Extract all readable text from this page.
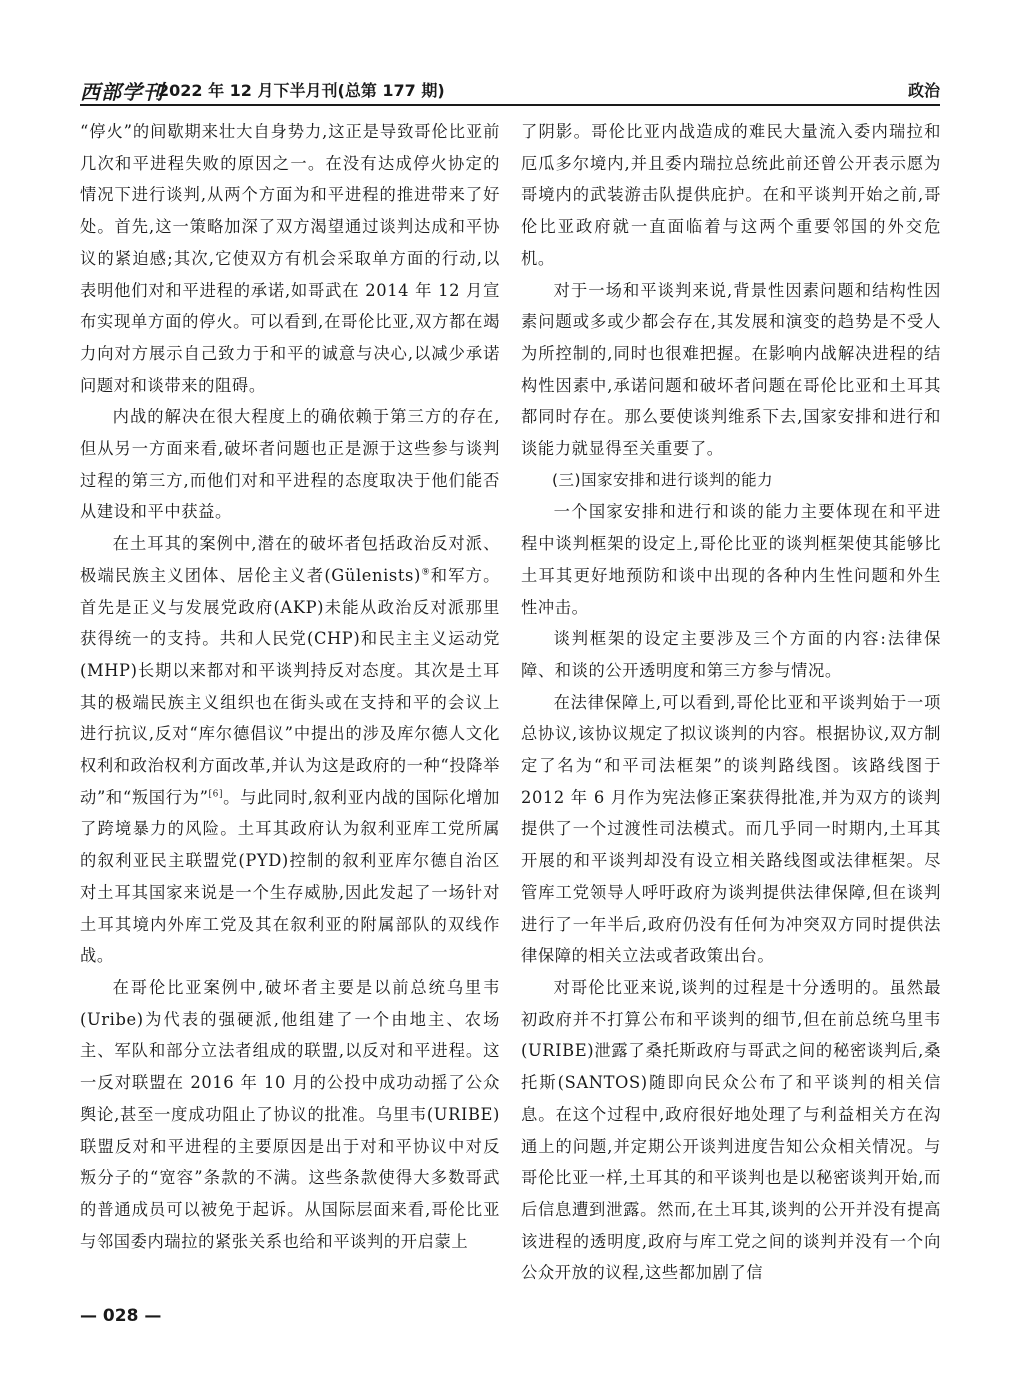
西部学刊
2022 年 12 月下半月刊(总第 177 期)	政治

“停火”的间歇期来壮大自身势力,这正是导致哥伦比亚前几次和平进程失败的原因之一。在没有达成停火协定的情况下进行谈判,从两个方面为和平进程的推进带来了好处。首先,这一策略加深了双方渴望通过谈判达成和平协议的紧迫感;其次,它使双方有机会采取单方面的行动,以表明他们对和平进程的承诺,如哥武在 2014 年 12 月宣布实现单方面的停火。可以看到,在哥伦比亚,双方都在竭力向对方展示自己致力于和平的诚意与决心,以减少承诺问题对和谈带来的阻碍。

内战的解决在很大程度上的确依赖于第三方的存在,但从另一方面来看,破坏者问题也正是源于这些参与谈判过程的第三方,而他们对和平进程的态度取决于他们能否从建设和平中获益。

在土耳其的案例中,潜在的破坏者包括政治反对派、极端民族主义团体、居伦主义者(Gülenists)⑨和军方。首先是正义与发展党政府(AKP)未能从政治反对派那里获得统一的支持。共和人民党(CHP)和民主主义运动党(MHP)长期以来都对和平谈判持反对态度。其次是土耳其的极端民族主义组织也在街头或在支持和平的会议上进行抗议,反对“库尔德倡议”中提出的涉及库尔德人文化权利和政治权利方面改革,并认为这是政府的一种“投降举动”和“叛国行为”[6]。与此同时,叙利亚内战的国际化增加了跨境暴力的风险。土耳其政府认为叙利亚库工党所属的叙利亚民主联盟党(PYD)控制的叙利亚库尔德自治区对土耳其国家来说是一个生存威胁,因此发起了一场针对土耳其境内外库工党及其在叙利亚的附属部队的双线作战。

在哥伦比亚案例中,破坏者主要是以前总统乌里韦(Uribe)为代表的强硬派,他组建了一个由地主、农场主、军队和部分立法者组成的联盟,以反对和平进程。这一反对联盟在 2016 年 10 月的公投中成功动摇了公众舆论,甚至一度成功阻止了协议的批准。乌里韦(URIBE)联盟反对和平进程的主要原因是出于对和平协议中对反叛分子的“宽容”条款的不满。这些条款使得大多数哥武的普通成员可以被免于起诉。从国际层面来看,哥伦比亚与邻国委内瑞拉的紧张关系也给和平谈判的开启蒙上

了阴影。哥伦比亚内战造成的难民大量流入委内瑞拉和厄瓜多尔境内,并且委内瑞拉总统此前还曾公开表示愿为哥境内的武装游击队提供庇护。在和平谈判开始之前,哥伦比亚政府就一直面临着与这两个重要邻国的外交危机。

对于一场和平谈判来说,背景性因素问题和结构性因素问题或多或少都会存在,其发展和演变的趋势是不受人为所控制的,同时也很难把握。在影响内战解决进程的结构性因素中,承诺问题和破坏者问题在哥伦比亚和土耳其都同时存在。那么要使谈判维系下去,国家安排和进行和谈能力就显得至关重要了。

(三)国家安排和进行谈判的能力

一个国家安排和进行和谈的能力主要体现在和平进程中谈判框架的设定上,哥伦比亚的谈判框架使其能够比土耳其更好地预防和谈中出现的各种内生性问题和外生性冲击。

谈判框架的设定主要涉及三个方面的内容:法律保障、和谈的公开透明度和第三方参与情况。

在法律保障上,可以看到,哥伦比亚和平谈判始于一项总协议,该协议规定了拟议谈判的内容。根据协议,双方制定了名为“和平司法框架”的谈判路线图。该路线图于 2012 年 6 月作为宪法修正案获得批准,并为双方的谈判提供了一个过渡性司法模式。而几乎同一时期内,土耳其开展的和平谈判却没有设立相关路线图或法律框架。尽管库工党领导人呼吁政府为谈判提供法律保障,但在谈判进行了一年半后,政府仍没有任何为冲突双方同时提供法律保障的相关立法或者政策出台。

对哥伦比亚来说,谈判的过程是十分透明的。虽然最初政府并不打算公布和平谈判的细节,但在前总统乌里韦(URIBE)泄露了桑托斯政府与哥武之间的秘密谈判后,桑托斯(SANTOS)随即向民众公布了和平谈判的相关信息。在这个过程中,政府很好地处理了与利益相关方在沟通上的问题,并定期公开谈判进度告知公众相关情况。与哥伦比亚一样,土耳其的和平谈判也是以秘密谈判开始,而后信息遭到泄露。然而,在土耳其,谈判的公开并没有提高该进程的透明度,政府与库工党之间的谈判并没有一个向公众开放的议程,这些都加剧了信

— 028 —
